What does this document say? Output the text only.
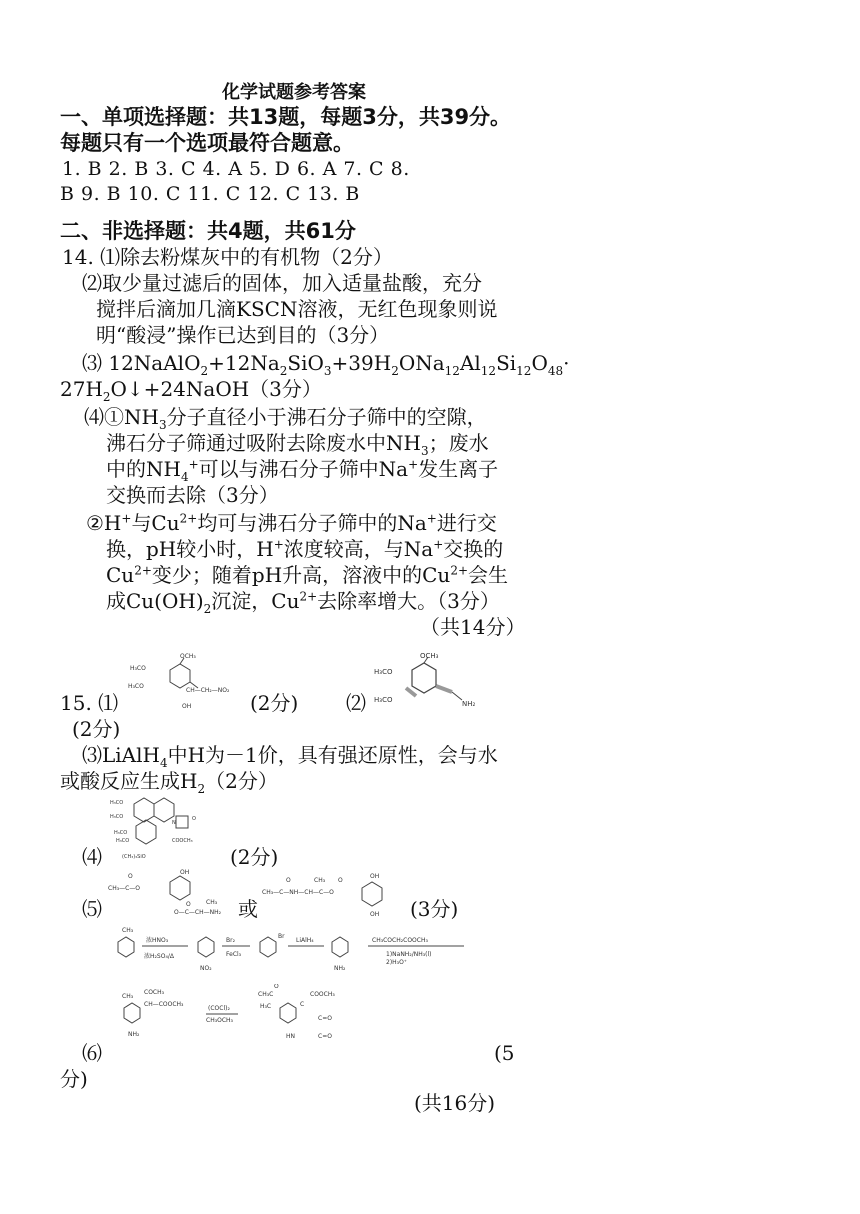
化学试题参考答案
一、单项选择题：共13题，每题3分，共39分。
每题只有一个选项最符合题意。
1. B 2. B 3. C 4. A 5. D 6. A 7. C 8.
B 9. B 10. C 11. C 12. C 13. B
二、非选择题：共4题，共61分
14. ⑴除去粉煤灰中的有机物（2分）
⑵取少量过滤后的固体，加入适量盐酸，充分
搅拌后滴加几滴KSCN溶液，无红色现象则说
明“酸浸”操作已达到目的（3分）
⑶ $12NaAlO_2+12Na_2SiO_3+39H_2ONa_{12}Al_{12}Si_{12}O_{48}\cdot$
$27H_2O↓+24NaOH(3$分）
$⑷①NH_3$分子直径小于沸石分子筛中的空隙，
沸石分子筛通过吸附去除废水中$NH_3$；废水
中的$NH_4^+$可以与沸石分子筛中Na+发生离子
交换而去除（3分）
②H+与$Cu^{2+}$均可与沸石分子筛中的Na+进行交
换，pH较小时，H+浓度较高，与Na+交换的
$Cu^{2+}$变少；随着pH升高，溶液中的$Cu^{2+}$会生
成$Cu(OH)_2$沉淀，$Cu^{2+}$去除率增大。（3分）
（共14分）
OCH₃
H₃CO
H₃CO
CH—CH₂—NO₂
OH
15. ⑴	(2分) ⑵
OCH₃
H₃CO
H₃CO	NH₂
(2分)
⑶LiAlH$_4$中H为－1价，具有强还原性，会与水
或酸反应生成$H_2(2$分）
H₃CO
H₃CO
H₃CO
H₃CO
O
N
COOCH₃
(CH₃)₃SiO
⑷	(2分)
CH₃—C—O
O
OH
O	CH₃
O—C—CH—NH₂
⑸	或
CH₃—C—NH—CH—C—O
O	CH₃ O
OH
OH (3分)
CH₃
浓HNO₃
浓H₂SO₄/Δ
NO₂
Br₂
FeCl₃
Br
LiAlH₄
NH₂
CH₃COCH₂COOCH₃
1)NaNH₂/NH₃(l)
2)H₃O⁺
CH₃
COCH₃
CH—COOCH₃
NH₂
(COCl)₂
CH₃OCH₃
CH₃C
O
COOCH₃
C
H₃C
C=O
HN	C=O
⑹	(5
分)
(共16分)
